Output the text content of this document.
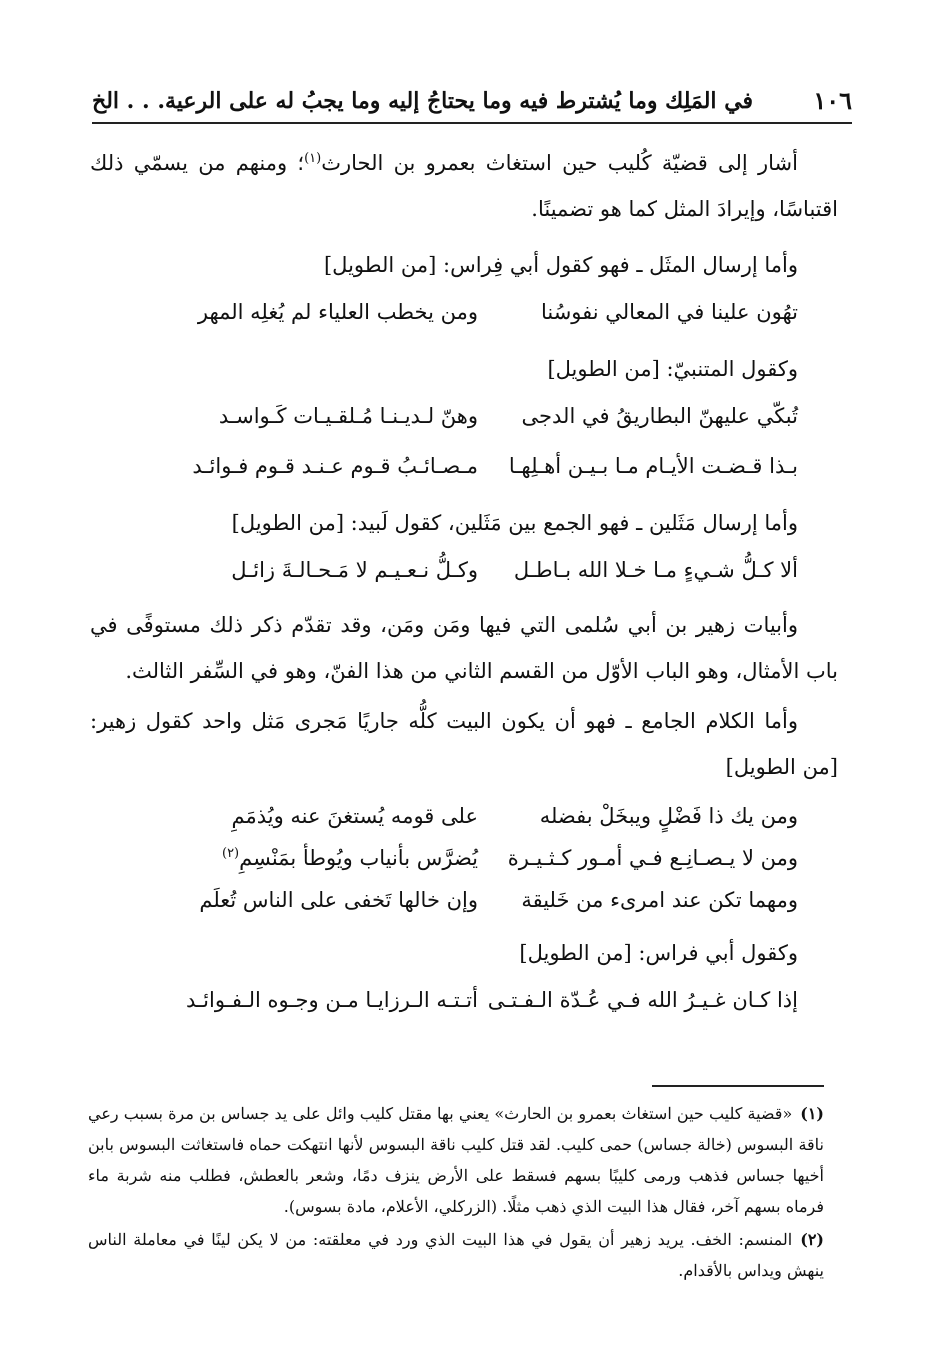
١٠٦
في المَلِك وما يُشترط فيه وما يحتاجُ إليه وما يجبُ له على الرعية. . . الخ

أشار إلى قضيّة كُليب حين استغاث بعمرو بن الحارث$^{(١)}$؛ ومنهم من يسمّي ذلك اقتباسًا، وإيرادَ المثل كما هو تضمينًا.

وأما إرسال المثَل ـ فهو كقول أبي فِراس: [من الطويل]
تهُون علينا في المعالي نفوسُنا
ومن يخطب العلياء لم يُغلِه المهر
وكقول المتنبيّ: [من الطويل]
تُبكّي عليهنّ البطاريقُ في الدجى
وهنّ لـديـنـا مُـلقـيـات كَـواسـد
بـذا قـضـت الأيـام مـا بـيـن أهـلِهـا
مـصـائـبُ قـوم عـنـد قـوم فـوائـد
وأما إرسال مَثَلين ـ فهو الجمع بين مَثَلين، كقول لَبيد: [من الطويل]
ألا كـلُّ شـيءٍ مـا خـلا الله بـاطـل
وكـلُّ نـعـيـم لا مَـحـالـةَ زائـل

وأبيات زهير بن أبي سُلمى التي فيها ومَن ومَن، وقد تقدّم ذكر ذلك مستوفًى في باب الأمثال، وهو الباب الأوّل من القسم الثاني من هذا الفنّ، وهو في السِّفر الثالث.

وأما الكلام الجامع ـ فهو أن يكون البيت كلُّه جاريًا مَجرى مَثل واحد كقول زهير: [من الطويل]

ومن يك ذا فَضْلٍ ويبخَلْ بفضله
على قومه يُستغنَ عنه ويُذمَمِ
ومن لا يـصـانِـع فـي أمـور كـثـيـرة
يُضرَّس بأنياب ويُوطأ بمَنْسِمِ$^{(٢)}$
ومهما تكن عند امرىء من خَليقة
وإن خالها تَخفى على الناس تُعلَم
وكقول أبي فراس: [من الطويل]
إذا كـان غـيـرُ الله فـي عُـدّة الـفـتـى
أتـتـه الـرزايـا مـن وجـوه الـفـوائـد

(١)«قضية كليب حين استغاث بعمرو بن الحارث» يعني بها مقتل كليب وائل على يد جساس بن مرة بسبب رعي ناقة البسوس (خالة جساس) حمى كليب. لقد قتل كليب ناقة البسوس لأنها انتهكت حماه فاستغاثت البسوس بابن أخيها جساس فذهب ورمى كليبًا بسهم فسقط على الأرض ينزف دمًا، وشعر بالعطش، فطلب منه شربة ماء فرماه بسهم آخر، فقال هذا البيت الذي ذهب مثلًا. (الزركلي، الأعلام، مادة بسوس).

(٢)المنسم: الخف. يريد زهير أن يقول في هذا البيت الذي ورد في معلقته: من لا يكن لينًا في معاملة الناس ينهش ويداس بالأقدام.
